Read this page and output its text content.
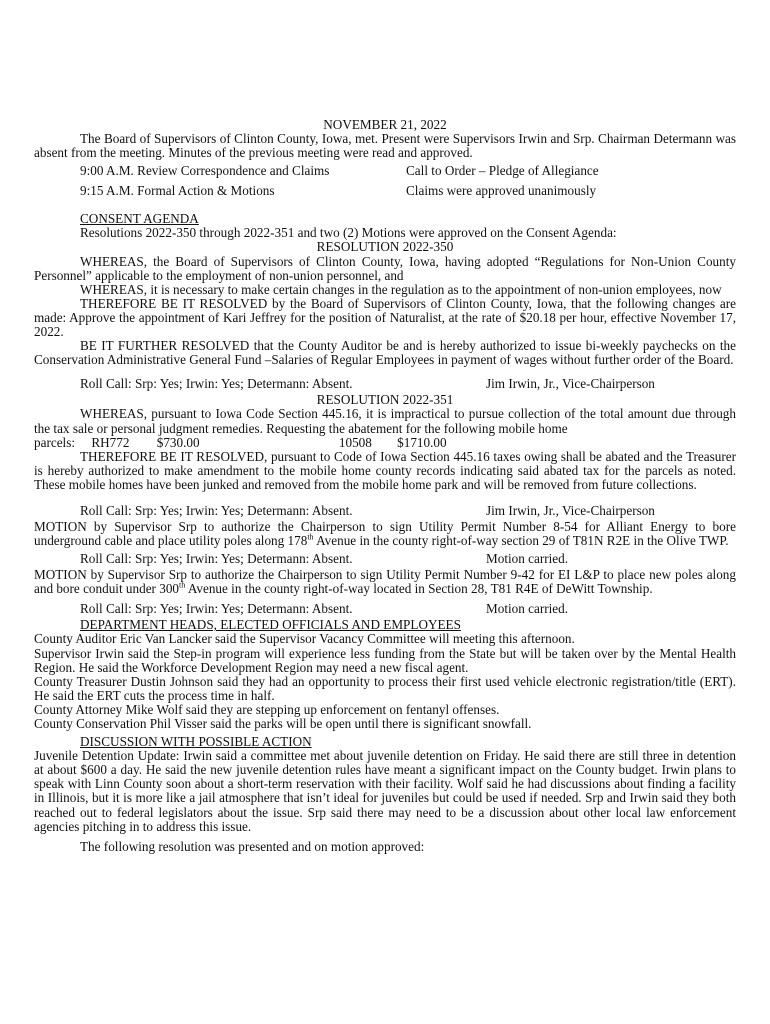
NOVEMBER 21, 2022

The Board of Supervisors of Clinton County, Iowa, met. Present were Supervisors Irwin and Srp. Chairman Determann was absent from the meeting. Minutes of the previous meeting were read and approved.

9:00 A.M. Review Correspondence and Claims	Call to Order – Pledge of Allegiance
9:15 A.M. Formal Action & Motions	Claims were approved unanimously

CONSENT AGENDA

Resolutions 2022-350 through 2022-351 and two (2) Motions were approved on the Consent Agenda:

RESOLUTION 2022-350

WHEREAS, the Board of Supervisors of Clinton County, Iowa, having adopted “Regulations for Non-Union County Personnel” applicable to the employment of non-union personnel, and

WHEREAS, it is necessary to make certain changes in the regulation as to the appointment of non-union employees, now

THEREFORE BE IT RESOLVED by the Board of Supervisors of Clinton County, Iowa, that the following changes are made: Approve the appointment of Kari Jeffrey for the position of Naturalist, at the rate of $20.18 per hour, effective November 17, 2022.

BE IT FURTHER RESOLVED that the County Auditor be and is hereby authorized to issue bi-weekly paychecks on the Conservation Administrative General Fund –Salaries of Regular Employees in payment of wages without further order of the Board.

Roll Call: Srp: Yes; Irwin: Yes; Determann: Absent.	Jim Irwin, Jr., Vice-Chairperson

RESOLUTION 2022-351

WHEREAS, pursuant to Iowa Code Section 445.16, it is impractical to pursue collection of the total amount due through the tax sale or personal judgment remedies. Requesting the abatement for the following mobile home

parcels: RH772 $730.00	10508 $1710.00

THEREFORE BE IT RESOLVED, pursuant to Code of Iowa Section 445.16 taxes owing shall be abated and the Treasurer is hereby authorized to make amendment to the mobile home county records indicating said abated tax for the parcels as noted. These mobile homes have been junked and removed from the mobile home park and will be removed from future collections.

Roll Call: Srp: Yes; Irwin: Yes; Determann: Absent.	Jim Irwin, Jr., Vice-Chairperson

MOTION by Supervisor Srp to authorize the Chairperson to sign Utility Permit Number 8-54 for Alliant Energy to bore underground cable and place utility poles along 178th Avenue in the county right-of-way section 29 of T81N R2E in the Olive TWP.

Roll Call: Srp: Yes; Irwin: Yes; Determann: Absent.	Motion carried.

MOTION by Supervisor Srp to authorize the Chairperson to sign Utility Permit Number 9-42 for EI L&P to place new poles along and bore conduit under 300th Avenue in the county right-of-way located in Section 28, T81 R4E of DeWitt Township.

Roll Call: Srp: Yes; Irwin: Yes; Determann: Absent.	Motion carried.

DEPARTMENT HEADS, ELECTED OFFICIALS AND EMPLOYEES

County Auditor Eric Van Lancker said the Supervisor Vacancy Committee will meeting this afternoon.

Supervisor Irwin said the Step-in program will experience less funding from the State but will be taken over by the Mental Health Region. He said the Workforce Development Region may need a new fiscal agent.

County Treasurer Dustin Johnson said they had an opportunity to process their first used vehicle electronic registration/title (ERT). He said the ERT cuts the process time in half.

County Attorney Mike Wolf said they are stepping up enforcement on fentanyl offenses.

County Conservation Phil Visser said the parks will be open until there is significant snowfall.

DISCUSSION WITH POSSIBLE ACTION

Juvenile Detention Update: Irwin said a committee met about juvenile detention on Friday. He said there are still three in detention at about $600 a day. He said the new juvenile detention rules have meant a significant impact on the County budget. Irwin plans to speak with Linn County soon about a short-term reservation with their facility. Wolf said he had discussions about finding a facility in Illinois, but it is more like a jail atmosphere that isn’t ideal for juveniles but could be used if needed. Srp and Irwin said they both reached out to federal legislators about the issue. Srp said there may need to be a discussion about other local law enforcement agencies pitching in to address this issue.

The following resolution was presented and on motion approved:
